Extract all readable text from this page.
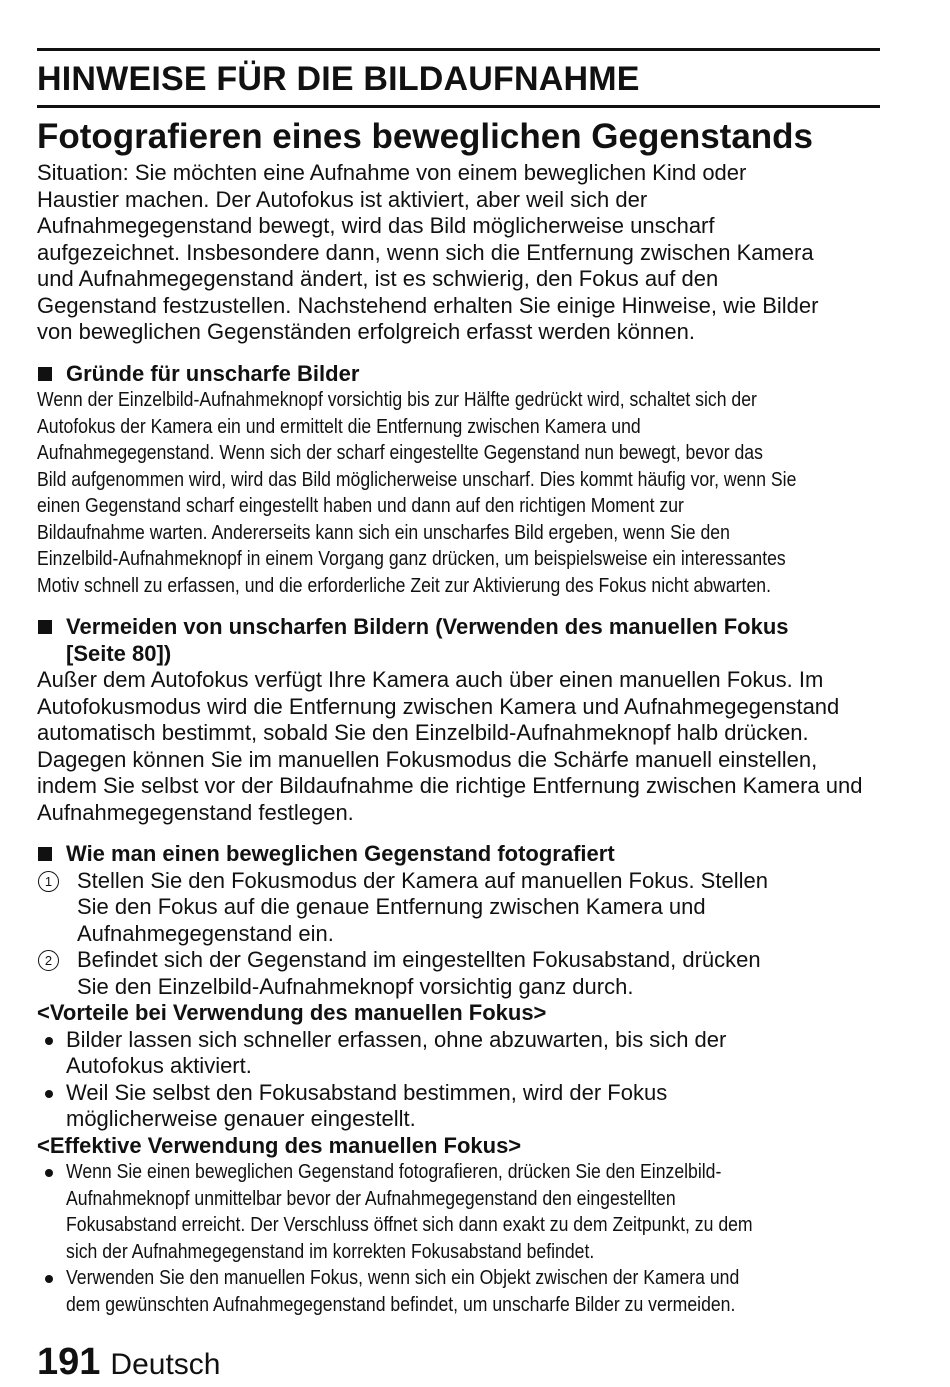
HINWEISE FÜR DIE BILDAUFNAHME
Fotografieren eines beweglichen Gegenstands
Situation: Sie möchten eine Aufnahme von einem beweglichen Kind oder
Haustier machen. Der Autofokus ist aktiviert, aber weil sich der
Aufnahmegegenstand bewegt, wird das Bild möglicherweise unscharf
aufgezeichnet. Insbesondere dann, wenn sich die Entfernung zwischen Kamera
und Aufnahmegegenstand ändert, ist es schwierig, den Fokus auf den
Gegenstand festzustellen. Nachstehend erhalten Sie einige Hinweise, wie Bilder
von beweglichen Gegenständen erfolgreich erfasst werden können.
Gründe für unscharfe Bilder
Wenn der Einzelbild-Aufnahmeknopf vorsichtig bis zur Hälfte gedrückt wird, schaltet sich der
Autofokus der Kamera ein und ermittelt die Entfernung zwischen Kamera und
Aufnahmegegenstand. Wenn sich der scharf eingestellte Gegenstand nun bewegt, bevor das
Bild aufgenommen wird, wird das Bild möglicherweise unscharf. Dies kommt häufig vor, wenn Sie
einen Gegenstand scharf eingestellt haben und dann auf den richtigen Moment zur
Bildaufnahme warten. Andererseits kann sich ein unscharfes Bild ergeben, wenn Sie den
Einzelbild-Aufnahmeknopf in einem Vorgang ganz drücken, um beispielsweise ein interessantes
Motiv schnell zu erfassen, und die erforderliche Zeit zur Aktivierung des Fokus nicht abwarten.
Vermeiden von unscharfen Bildern (Verwenden des manuellen Fokus
[Seite 80])
Außer dem Autofokus verfügt Ihre Kamera auch über einen manuellen Fokus. Im
Autofokusmodus wird die Entfernung zwischen Kamera und Aufnahmegegenstand
automatisch bestimmt, sobald Sie den Einzelbild-Aufnahmeknopf halb drücken.
Dagegen können Sie im manuellen Fokusmodus die Schärfe manuell einstellen,
indem Sie selbst vor der Bildaufnahme die richtige Entfernung zwischen Kamera und
Aufnahmegegenstand festlegen.
Wie man einen beweglichen Gegenstand fotografiert
1	Stellen Sie den Fokusmodus der Kamera auf manuellen Fokus. Stellen
Sie den Fokus auf die genaue Entfernung zwischen Kamera und
Aufnahmegegenstand ein.
2	Befindet sich der Gegenstand im eingestellten Fokusabstand, drücken
Sie den Einzelbild-Aufnahmeknopf vorsichtig ganz durch.
<Vorteile bei Verwendung des manuellen Fokus>
Bilder lassen sich schneller erfassen, ohne abzuwarten, bis sich der
Autofokus aktiviert.
Weil Sie selbst den Fokusabstand bestimmen, wird der Fokus
möglicherweise genauer eingestellt.
<Effektive Verwendung des manuellen Fokus>
Wenn Sie einen beweglichen Gegenstand fotografieren, drücken Sie den Einzelbild-
Aufnahmeknopf unmittelbar bevor der Aufnahmegegenstand den eingestellten
Fokusabstand erreicht. Der Verschluss öffnet sich dann exakt zu dem Zeitpunkt, zu dem
sich der Aufnahmegegenstand im korrekten Fokusabstand befindet.
Verwenden Sie den manuellen Fokus, wenn sich ein Objekt zwischen der Kamera und
dem gewünschten Aufnahmegegenstand befindet, um unscharfe Bilder zu vermeiden.
191 Deutsch
